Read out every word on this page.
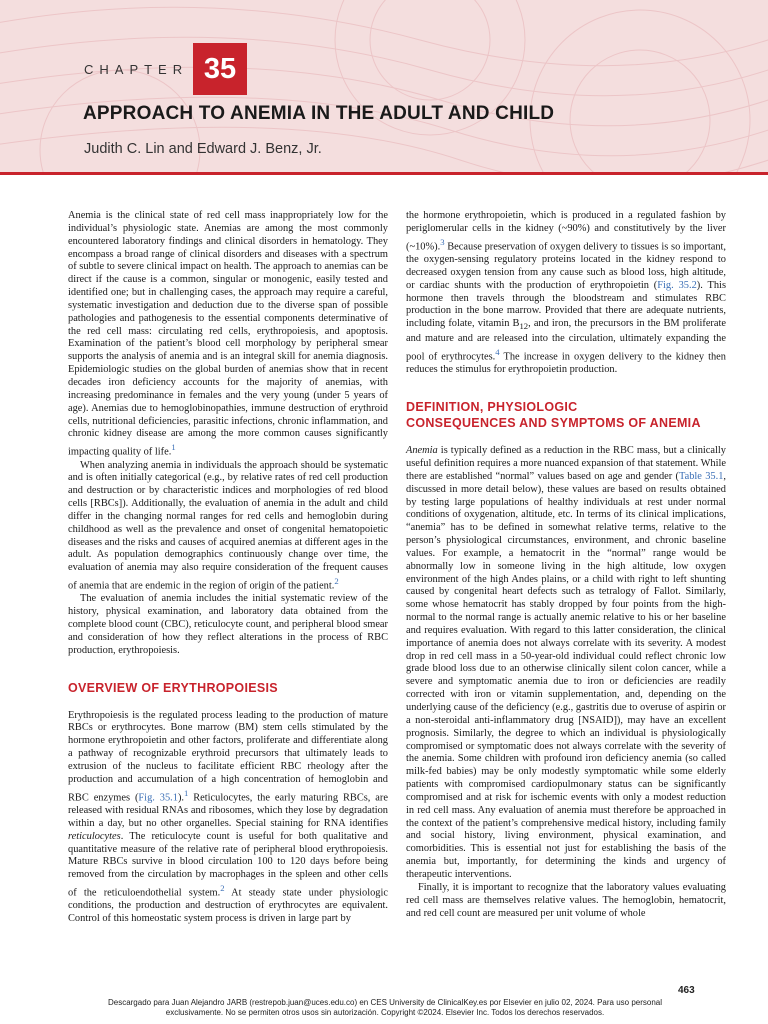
CHAPTER 35
APPROACH TO ANEMIA IN THE ADULT AND CHILD
Judith C. Lin and Edward J. Benz, Jr.

Anemia is the clinical state of red cell mass inappropriately low for the individual’s physiologic state. Anemias are among the most commonly encountered laboratory findings and clinical disorders in hematology. They encompass a broad range of clinical disorders and diseases with a spectrum of subtle to severe clinical impact on health. The approach to anemias can be direct if the cause is a common, singular or monogenic, easily tested and identified one; but in challenging cases, the approach may require a careful, systematic investigation and deduction due to the diverse span of possible pathologies and pathogenesis to the essential components determinative of the red cell mass: circulating red cells, erythropoiesis, and apoptosis. Examination of the patient’s blood cell morphology by peripheral smear supports the analysis of anemia and is an integral skill for anemia diagnosis. Epidemiologic studies on the global burden of anemias show that in recent decades iron deficiency accounts for the majority of anemias, with increasing predominance in females and the very young (under 5 years of age). Anemias due to hemoglobinopathies, immune destruction of erythroid cells, nutritional deficiencies, parasitic infections, chronic inflammation, and chronic kidney disease are among the more common causes significantly impacting quality of life.$^1$

When analyzing anemia in individuals the approach should be systematic and is often initially categorical (e.g., by relative rates of red cell production and destruction or by characteristic indices and morphologies of red blood cells [RBCs]). Additionally, the evaluation of anemia in the adult and child differ in the changing normal ranges for red cells and hemoglobin during childhood as well as the prevalence and onset of congenital hematopoietic diseases and the risks and causes of acquired anemias at different ages in the adult. As population demographics continuously change over time, the evaluation of anemia may also require consideration of the frequent causes of anemia that are endemic in the region of origin of the patient.$^2$

The evaluation of anemia includes the initial systematic review of the history, physical examination, and laboratory data obtained from the complete blood count (CBC), reticulocyte count, and peripheral blood smear and consideration of how they reflect alterations in the process of RBC production, erythropoiesis.

OVERVIEW OF ERYTHROPOIESIS

Erythropoiesis is the regulated process leading to the production of mature RBCs or erythrocytes. Bone marrow (BM) stem cells stimulated by the hormone erythropoietin and other factors, proliferate and differentiate along a pathway of recognizable erythroid precursors that ultimately leads to extrusion of the nucleus to facilitate efficient RBC rheology after the production and accumulation of a high concentration of hemoglobin and RBC enzymes (Fig. 35.1).$^1$ Reticulocytes, the early maturing RBCs, are released with residual RNAs and ribosomes, which they lose by degradation within a day, but no other organelles. Special staining for RNA identifies reticulocytes. The reticulocyte count is useful for both qualitative and quantitative measure of the relative rate of peripheral blood erythropoiesis. Mature RBCs survive in blood circulation 100 to 120 days before being removed from the circulation by macrophages in the spleen and other cells of the reticuloendothelial system.$^2$ At steady state under physiologic conditions, the production and destruction of erythrocytes are equivalent. Control of this homeostatic system process is driven in large part by

the hormone erythropoietin, which is produced in a regulated fashion by periglomerular cells in the kidney (~90%) and constitutively by the liver (~10%).$^3$ Because preservation of oxygen delivery to tissues is so important, the oxygen-sensing regulatory proteins located in the kidney respond to decreased oxygen tension from any cause such as blood loss, high altitude, or cardiac shunts with the production of erythropoietin (Fig. 35.2). This hormone then travels through the bloodstream and stimulates RBC production in the bone marrow. Provided that there are adequate nutrients, including folate, vitamin $B_{12}$, and iron, the precursors in the BM proliferate and mature and are released into the circulation, ultimately expanding the pool of erythrocytes.$^4$ The increase in oxygen delivery to the kidney then reduces the stimulus for erythropoietin production.

DEFINITION, PHYSIOLOGIC
CONSEQUENCES AND SYMPTOMS OF ANEMIA

Anemia is typically defined as a reduction in the RBC mass, but a clinically useful definition requires a more nuanced expansion of that statement. While there are established “normal” values based on age and gender (Table 35.1, discussed in more detail below), these values are based on results obtained by testing large populations of healthy individuals at rest under normal conditions of oxygenation, altitude, etc. In terms of its clinical implications, “anemia” has to be defined in somewhat relative terms, relative to the person’s physiological circumstances, environment, and chronic baseline values. For example, a hematocrit in the “normal” range would be abnormally low in someone living in the high altitude, low oxygen environment of the high Andes plains, or a child with right to left shunting caused by congenital heart defects such as tetralogy of Fallot. Similarly, some whose hematocrit has stably dropped by four points from the high-normal to the normal range is actually anemic relative to his or her baseline and requires evaluation. With regard to this latter consideration, the clinical importance of anemia does not always correlate with its severity. A modest drop in red cell mass in a 50-year-old individual could reflect chronic low grade blood loss due to an otherwise clinically silent colon cancer, while a severe and symptomatic anemia due to iron or deficiencies are readily corrected with iron or vitamin supplementation, and, depending on the underlying cause of the deficiency (e.g., gastritis due to overuse of aspirin or a non-steroidal anti-inflammatory drug [NSAID]), may have an excellent prognosis. Similarly, the degree to which an individual is physiologically compromised or symptomatic does not always correlate with the severity of the anemia. Some children with profound iron deficiency anemia (so called milk-fed babies) may be only modestly symptomatic while some elderly patients with compromised cardiopulmonary status can be significantly compromised and at risk for ischemic events with only a modest reduction in red cell mass. Any evaluation of anemia must therefore be approached in the context of the patient’s comprehensive medical history, including family and social history, living environment, physical examination, and comorbidities. This is essential not just for establishing the basis of the anemia but, importantly, for determining the kinds and urgency of therapeutic interventions.

Finally, it is important to recognize that the laboratory values evaluating red cell mass are themselves relative values. The hemoglobin, hematocrit, and red cell count are measured per unit volume of whole

463
Descargado para Juan Alejandro JARB (restrepob.juan@uces.edu.co) en CES University de ClinicalKey.es por Elsevier en julio 02, 2024. Para uso personal exclusivamente. No se permiten otros usos sin autorización. Copyright ©2024. Elsevier Inc. Todos los derechos reservados.
